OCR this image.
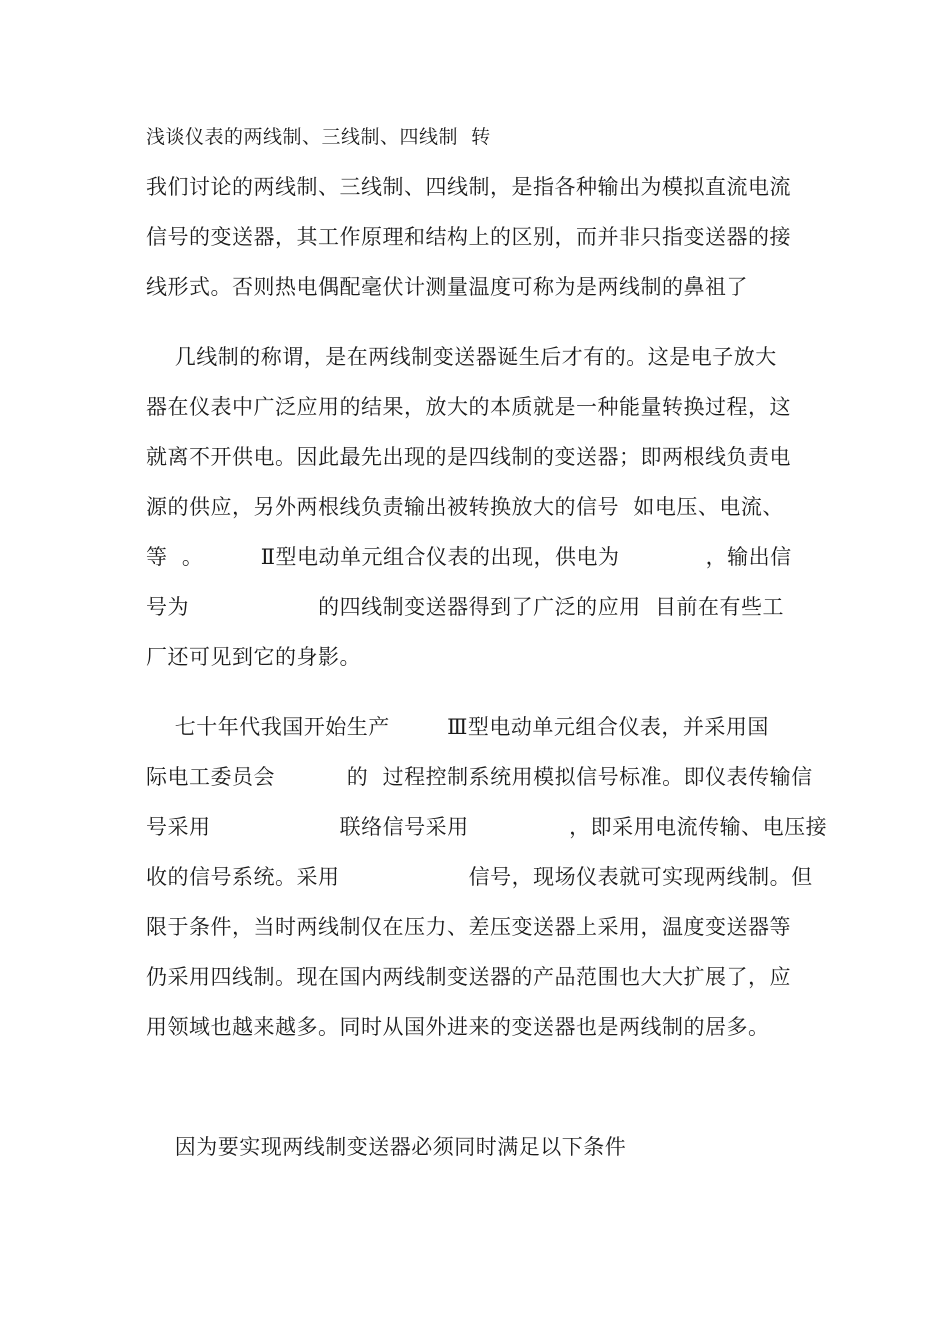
浅谈仪表的两线制、三线制、四线制  转
我们讨论的两线制、三线制、四线制，是指各种输出为模拟直流电流
信号的变送器，其工作原理和结构上的区别，而并非只指变送器的接
线形式。否则热电偶配毫伏计测量温度可称为是两线制的鼻祖了
几线制的称谓，是在两线制变送器诞生后才有的。这是电子放大
器在仪表中广泛应用的结果，放大的本质就是一种能量转换过程，这
就离不开供电。因此最先出现的是四线制的变送器；即两根线负责电
源的供应，另外两根线负责输出被转换放大的信号  如电压、电流、
等  。        Ⅱ型电动单元组合仪表的出现，供电为            ，输出信
号为                  的四线制变送器得到了广泛的应用  目前在有些工
厂还可见到它的身影。
七十年代我国开始生产        Ⅲ型电动单元组合仪表，并采用国
际电工委员会          的  过程控制系统用模拟信号标准。即仪表传输信
号采用                  联络信号采用              ，即采用电流传输、电压接
收的信号系统。采用                  信号，现场仪表就可实现两线制。但
限于条件，当时两线制仅在压力、差压变送器上采用，温度变送器等
仍采用四线制。现在国内两线制变送器的产品范围也大大扩展了，应
用领域也越来越多。同时从国外进来的变送器也是两线制的居多。
因为要实现两线制变送器必须同时满足以下条件
